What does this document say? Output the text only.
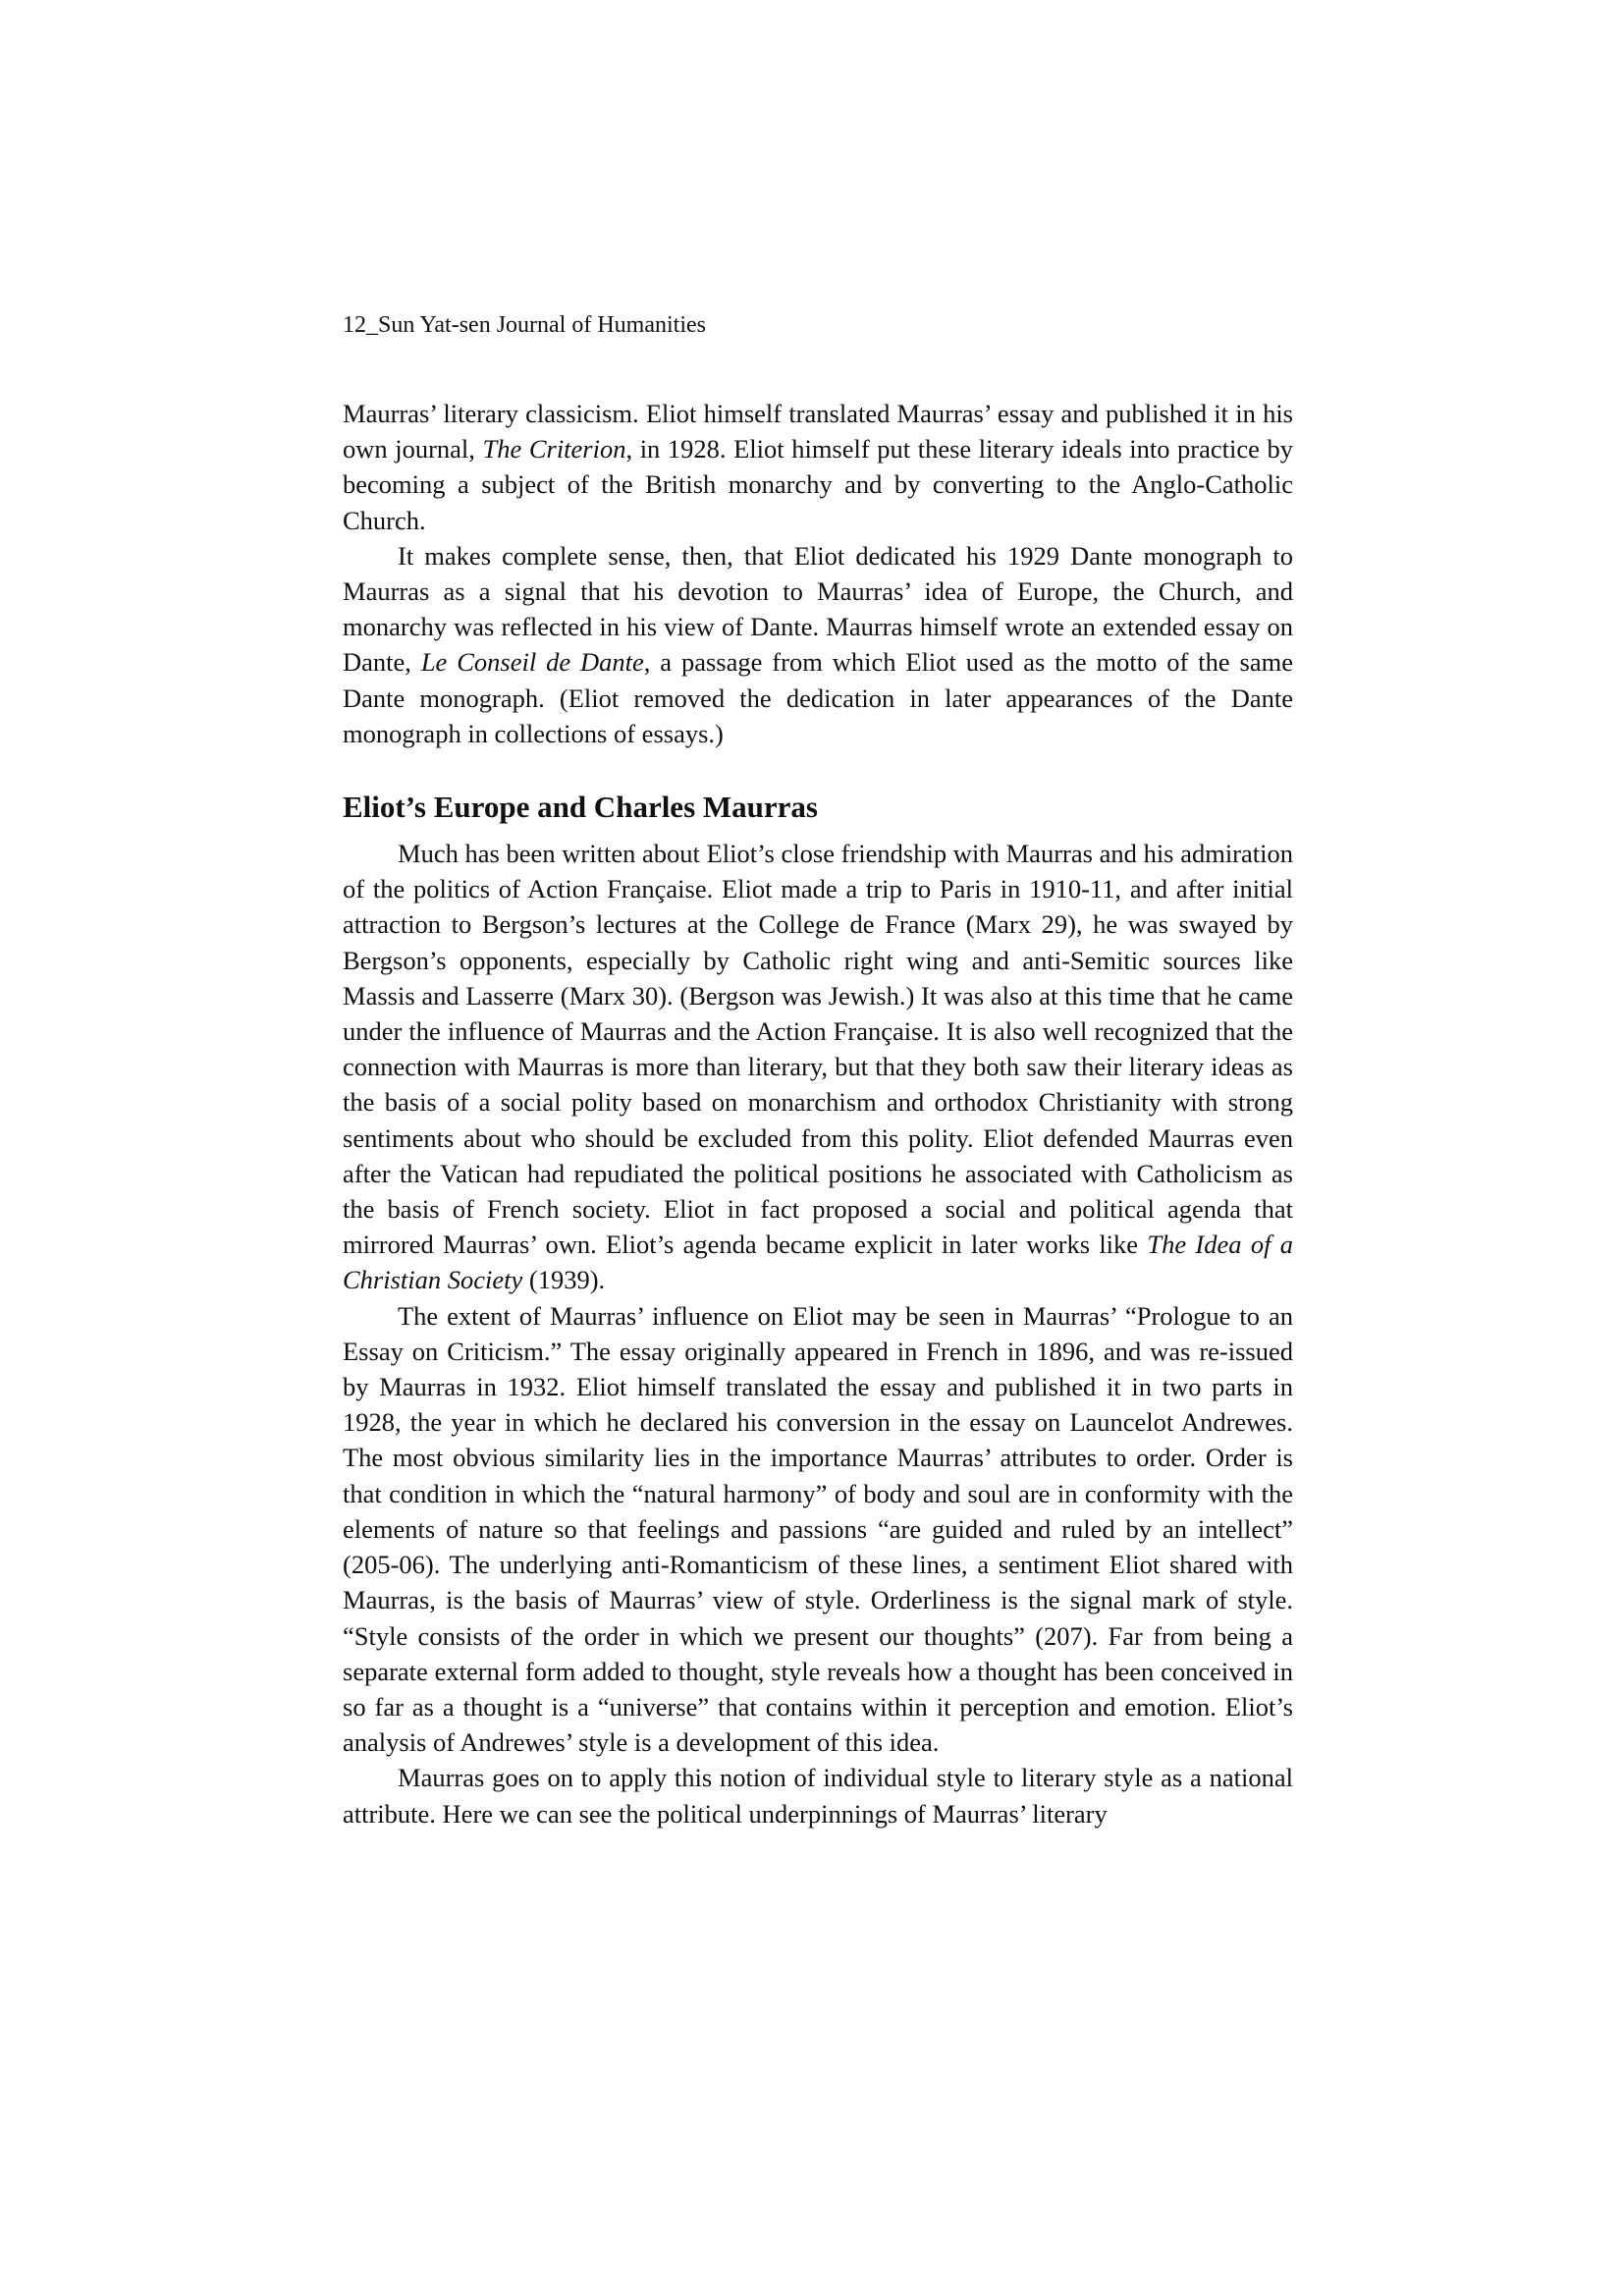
12_Sun Yat-sen Journal of Humanities

Maurras’ literary classicism. Eliot himself translated Maurras’ essay and published it in his own journal, The Criterion, in 1928. Eliot himself put these literary ideals into practice by becoming a subject of the British monarchy and by converting to the Anglo-Catholic Church.

It makes complete sense, then, that Eliot dedicated his 1929 Dante monograph to Maurras as a signal that his devotion to Maurras’ idea of Europe, the Church, and monarchy was reflected in his view of Dante. Maurras himself wrote an extended essay on Dante, Le Conseil de Dante, a passage from which Eliot used as the motto of the same Dante monograph. (Eliot removed the dedication in later appearances of the Dante monograph in collections of essays.)

Eliot’s Europe and Charles Maurras

Much has been written about Eliot’s close friendship with Maurras and his admiration of the politics of Action Française. Eliot made a trip to Paris in 1910-11, and after initial attraction to Bergson’s lectures at the College de France (Marx 29), he was swayed by Bergson’s opponents, especially by Catholic right wing and anti-Semitic sources like Massis and Lasserre (Marx 30). (Bergson was Jewish.) It was also at this time that he came under the influence of Maurras and the Action Française. It is also well recognized that the connection with Maurras is more than literary, but that they both saw their literary ideas as the basis of a social polity based on monarchism and orthodox Christianity with strong sentiments about who should be excluded from this polity. Eliot defended Maurras even after the Vatican had repudiated the political positions he associated with Catholicism as the basis of French society. Eliot in fact proposed a social and political agenda that mirrored Maurras’ own. Eliot’s agenda became explicit in later works like The Idea of a Christian Society (1939).

The extent of Maurras’ influence on Eliot may be seen in Maurras’ “Prologue to an Essay on Criticism.” The essay originally appeared in French in 1896, and was re-issued by Maurras in 1932. Eliot himself translated the essay and published it in two parts in 1928, the year in which he declared his conversion in the essay on Launcelot Andrewes. The most obvious similarity lies in the importance Maurras’ attributes to order. Order is that condition in which the “natural harmony” of body and soul are in conformity with the elements of nature so that feelings and passions “are guided and ruled by an intellect” (205-06). The underlying anti-Romanticism of these lines, a sentiment Eliot shared with Maurras, is the basis of Maurras’ view of style. Orderliness is the signal mark of style. “Style consists of the order in which we present our thoughts” (207). Far from being a separate external form added to thought, style reveals how a thought has been conceived in so far as a thought is a “universe” that contains within it perception and emotion. Eliot’s analysis of Andrewes’ style is a development of this idea.

Maurras goes on to apply this notion of individual style to literary style as a national attribute. Here we can see the political underpinnings of Maurras’ literary
